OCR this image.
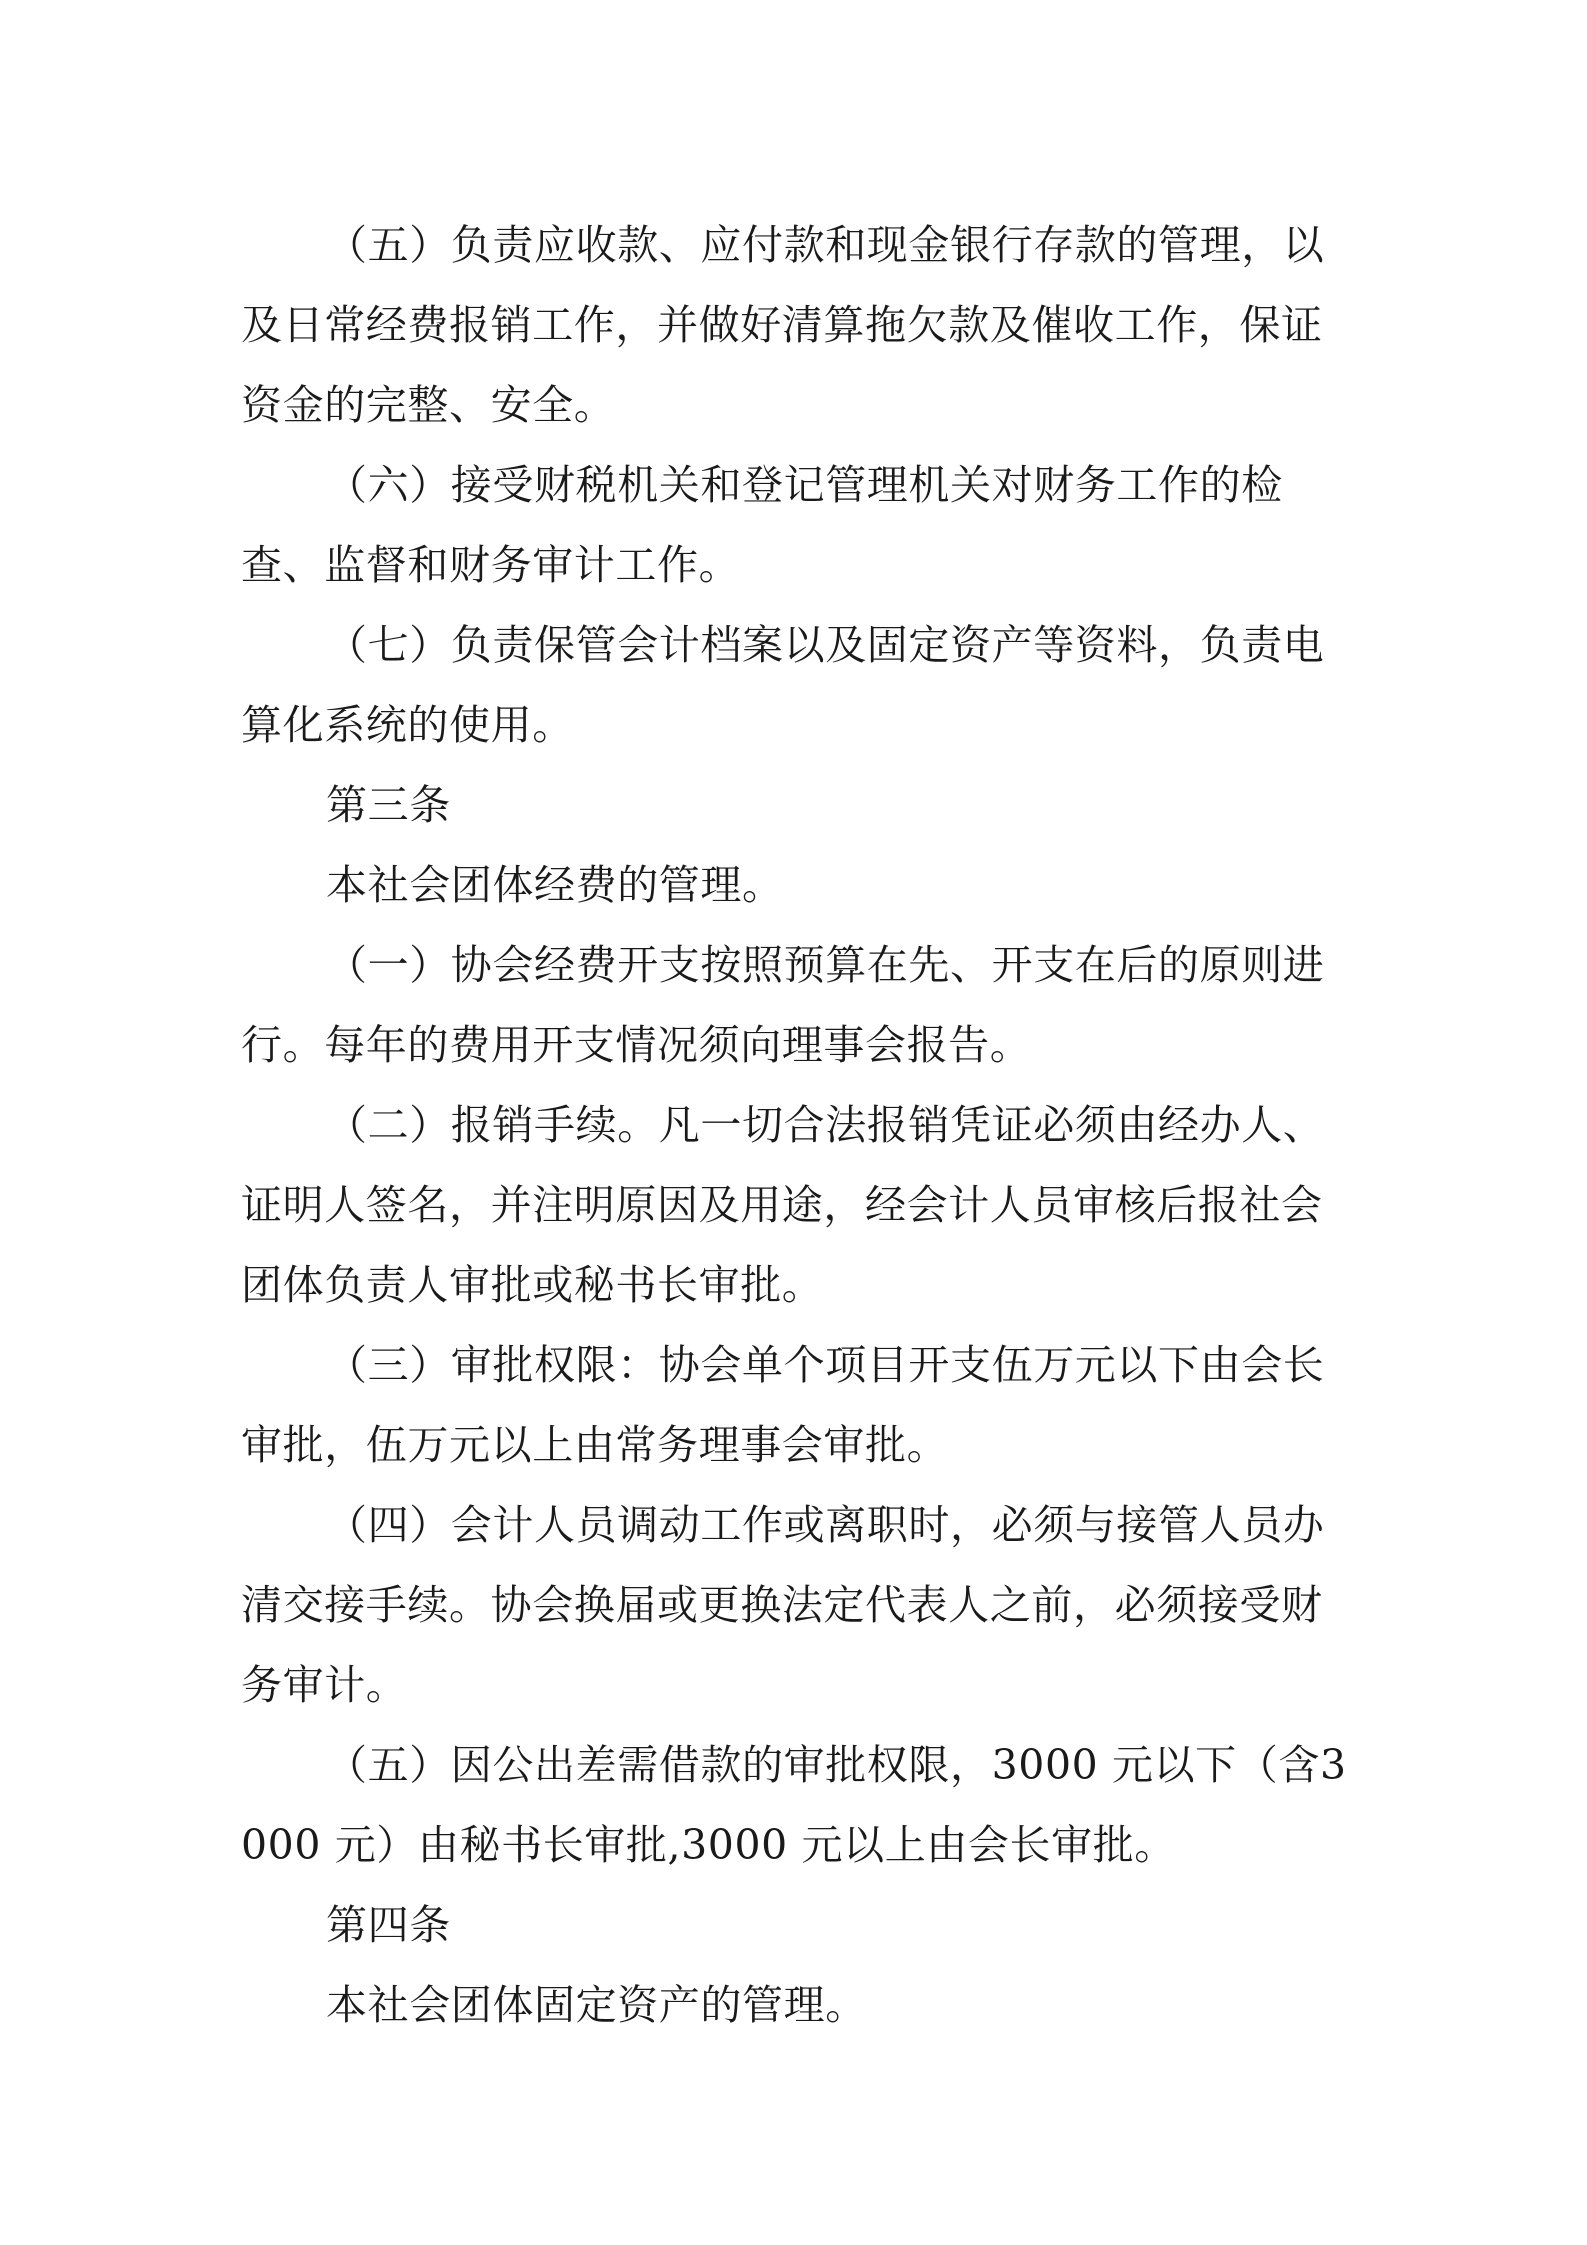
（五）负责应收款、应付款和现金银行存款的管理，以及日常经费报销工作，并做好清算拖欠款及催收工作，保证资金的完整、安全。

（六）接受财税机关和登记管理机关对财务工作的检查、监督和财务审计工作。

（七）负责保管会计档案以及固定资产等资料，负责电算化系统的使用。

第三条

本社会团体经费的管理。

（一）协会经费开支按照预算在先、开支在后的原则进行。每年的费用开支情况须向理事会报告。

（二）报销手续。凡一切合法报销凭证必须由经办人、证明人签名，并注明原因及用途，经会计人员审核后报社会团体负责人审批或秘书长审批。

（三）审批权限：协会单个项目开支伍万元以下由会长审批，伍万元以上由常务理事会审批。

（四）会计人员调动工作或离职时，必须与接管人员办清交接手续。协会换届或更换法定代表人之前，必须接受财务审计。

（五）因公出差需借款的审批权限，3000 元以下（含3000 元）由秘书长审批,3000 元以上由会长审批。

第四条

本社会团体固定资产的管理。
